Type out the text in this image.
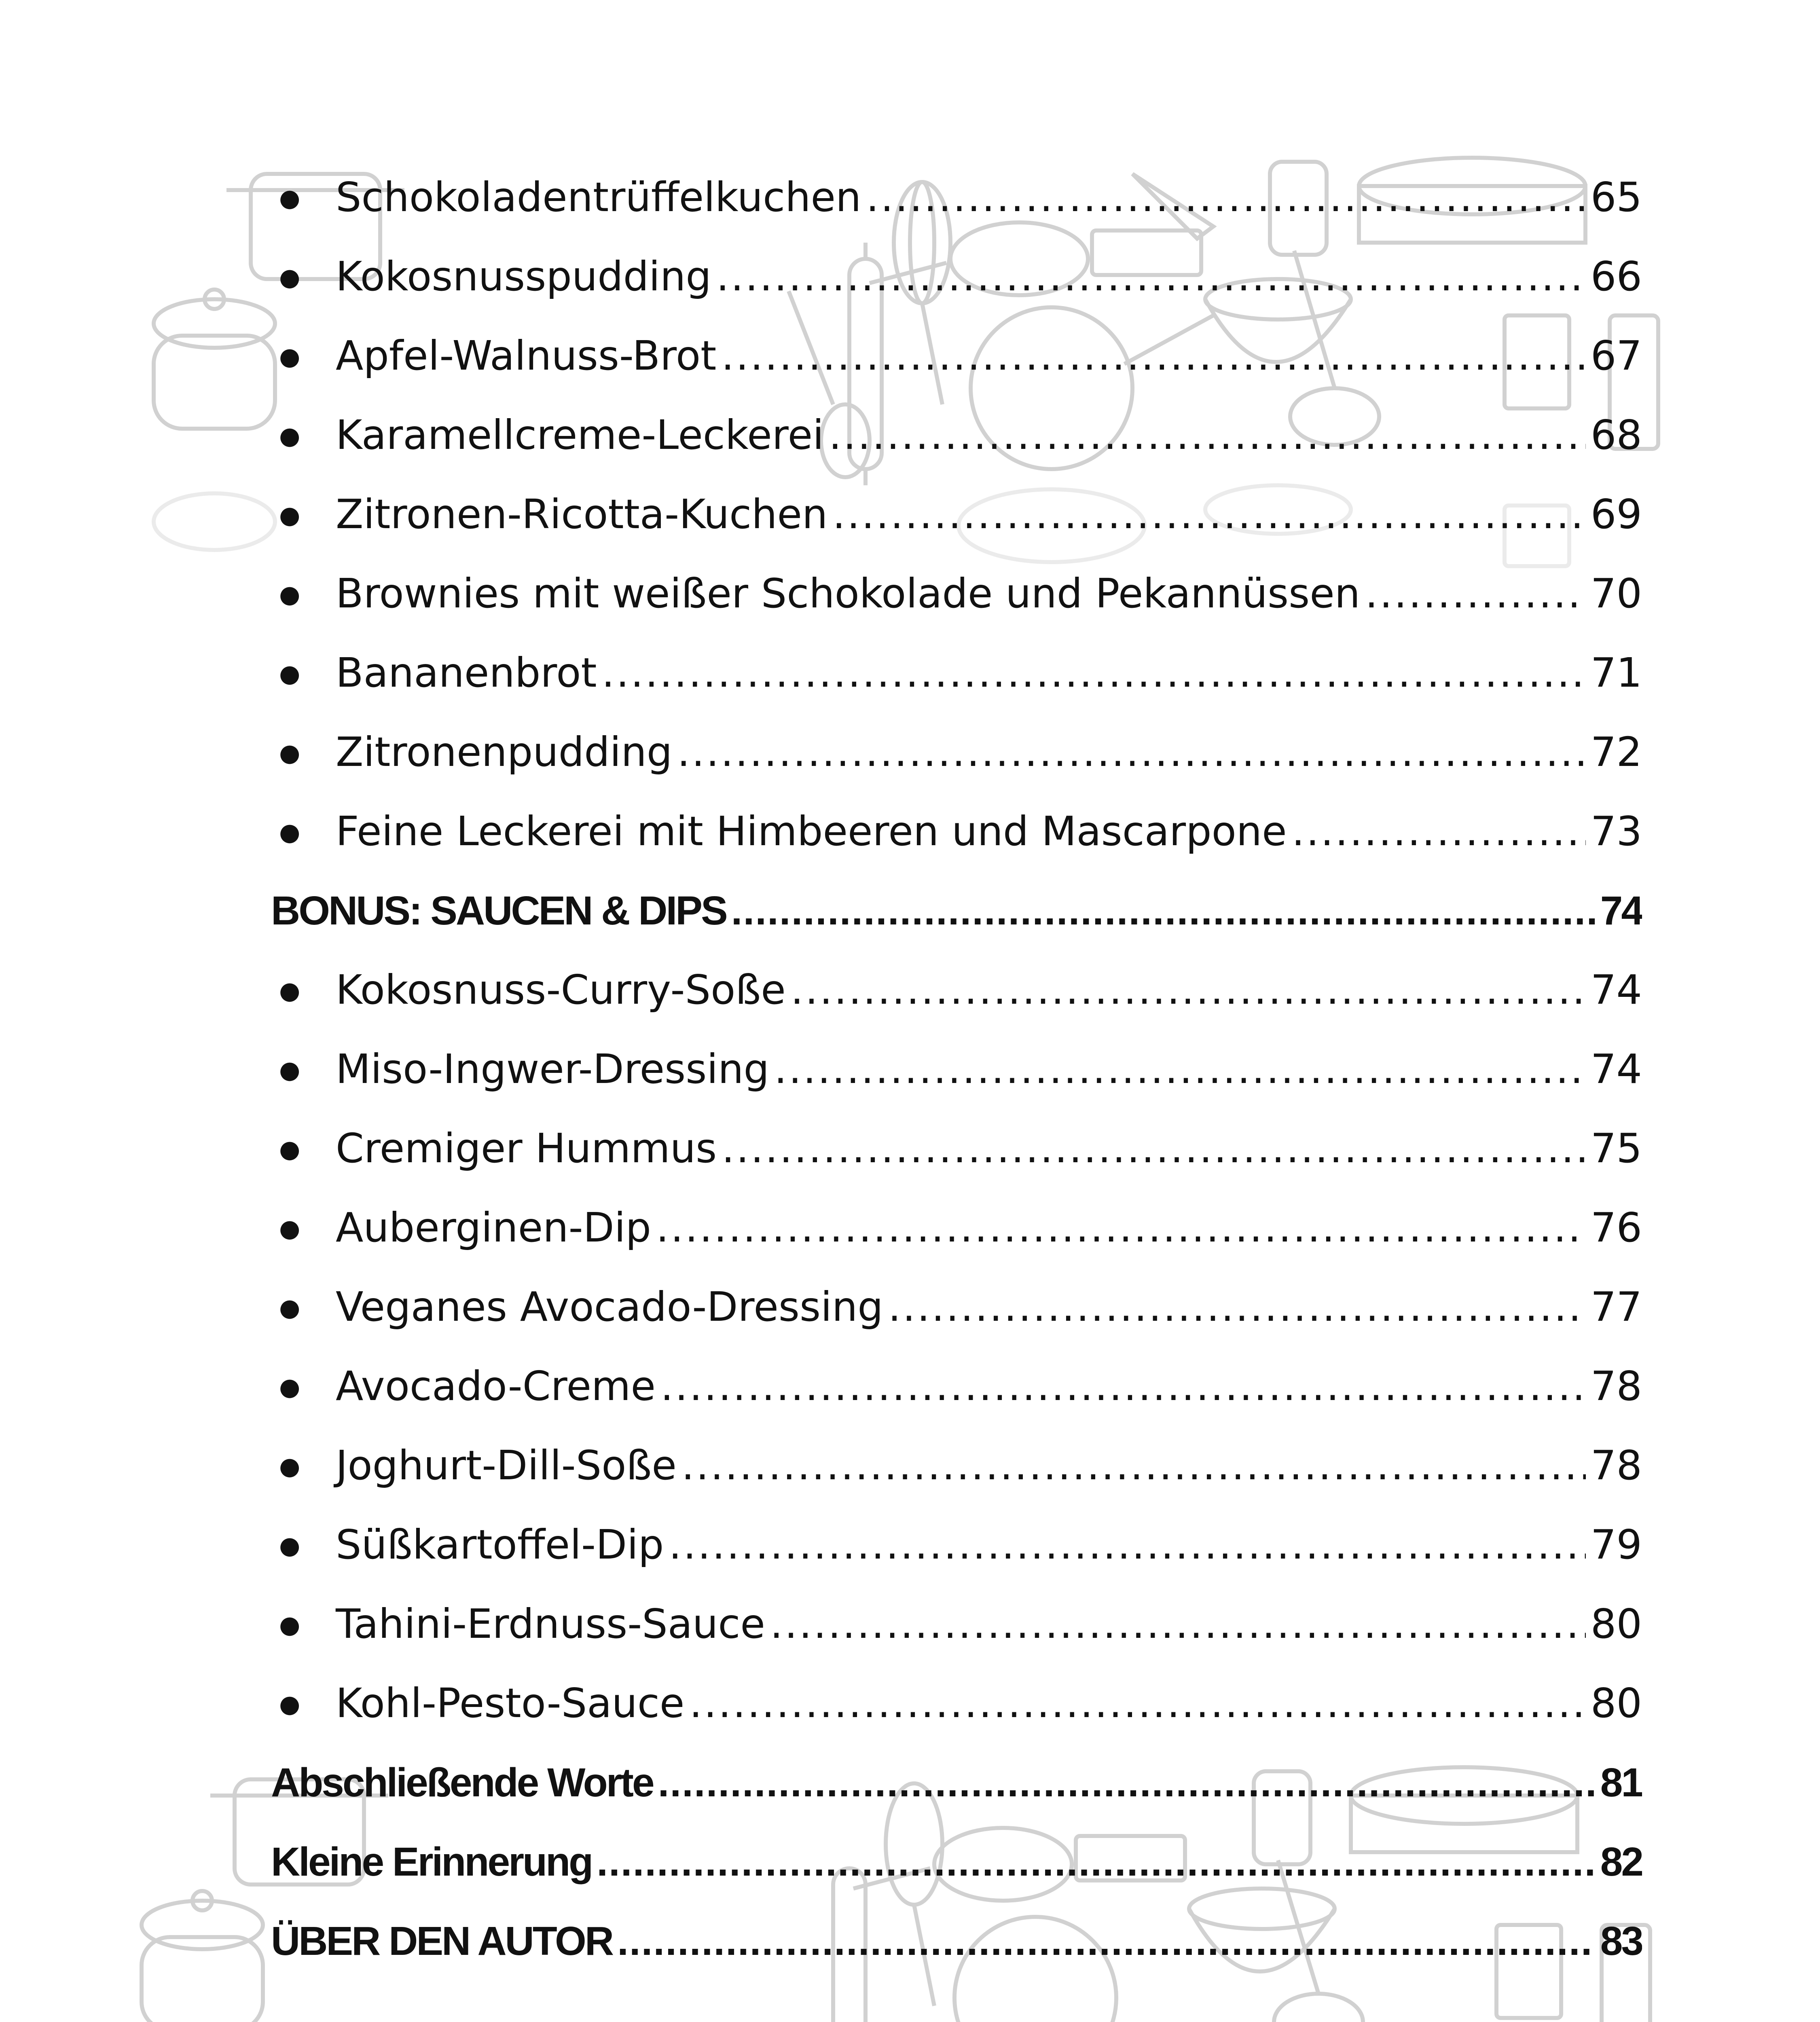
● Schokoladentrüffelkuchen .....	65
● Kokosnusspudding .....	66
● Apfel-Walnuss-Brot .....	67
● Karamellcreme-Leckerei .....	68
● Zitronen-Ricotta-Kuchen .....	69
● Brownies mit weißer Schokolade und Pekannüssen .....	70
● Bananenbrot .....	71
● Zitronenpudding .....	72
● Feine Leckerei mit Himbeeren und Mascarpone .....	73
BONUS: SAUCEN & DIPS .....	74
● Kokosnuss-Curry-Soße .....	74
● Miso-Ingwer-Dressing .....	74
● Cremiger Hummus .....	75
● Auberginen-Dip .....	76
● Veganes Avocado-Dressing .....	77
● Avocado-Creme .....	78
● Joghurt-Dill-Soße .....	78
● Süßkartoffel-Dip .....	79
● Tahini-Erdnuss-Sauce .....	80
● Kohl-Pesto-Sauce .....	80
Abschließende Worte .....	81
Kleine Erinnerung .....	82
ÜBER DEN AUTOR .....	83
